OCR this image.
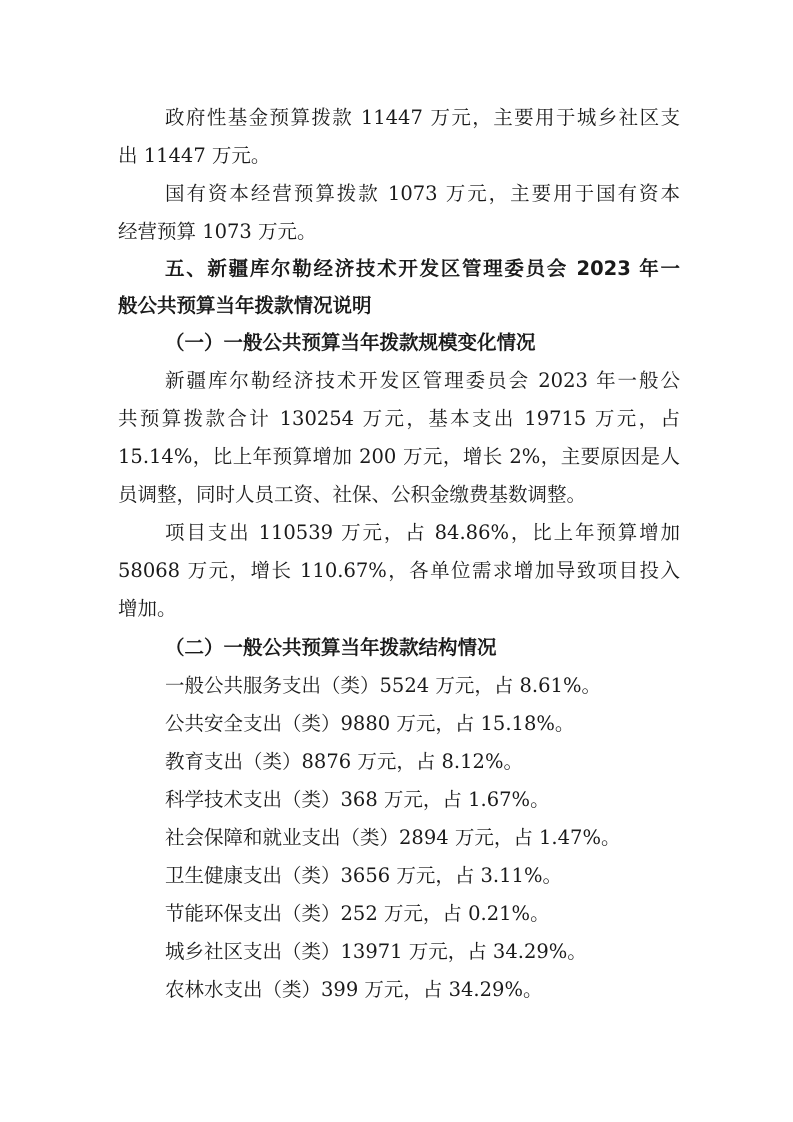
政府性基金预算拨款 11447 万元，主要用于城乡社区支
出 11447 万元。
国有资本经营预算拨款 1073 万元，主要用于国有资本
经营预算 1073 万元。
五、新疆库尔勒经济技术开发区管理委员会 2023 年一
般公共预算当年拨款情况说明
（一）一般公共预算当年拨款规模变化情况
新疆库尔勒经济技术开发区管理委员会 2023 年一般公
共预算拨款合计 130254 万元，基本支出 19715 万元，占
15.14%，比上年预算增加 200 万元，增长 2%，主要原因是人
员调整，同时人员工资、社保、公积金缴费基数调整。
项目支出 110539 万元，占 84.86%，比上年预算增加
58068 万元，增长 110.67%，各单位需求增加导致项目投入
增加。
（二）一般公共预算当年拨款结构情况
一般公共服务支出（类）5524 万元，占 8.61%。
公共安全支出（类）9880 万元，占 15.18%。
教育支出（类）8876 万元，占 8.12%。
科学技术支出（类）368 万元，占 1.67%。
社会保障和就业支出（类）2894 万元，占 1.47%。
卫生健康支出（类）3656 万元，占 3.11%。
节能环保支出（类）252 万元，占 0.21%。
城乡社区支出（类）13971 万元，占 34.29%。
农林水支出（类）399 万元，占 34.29%。
